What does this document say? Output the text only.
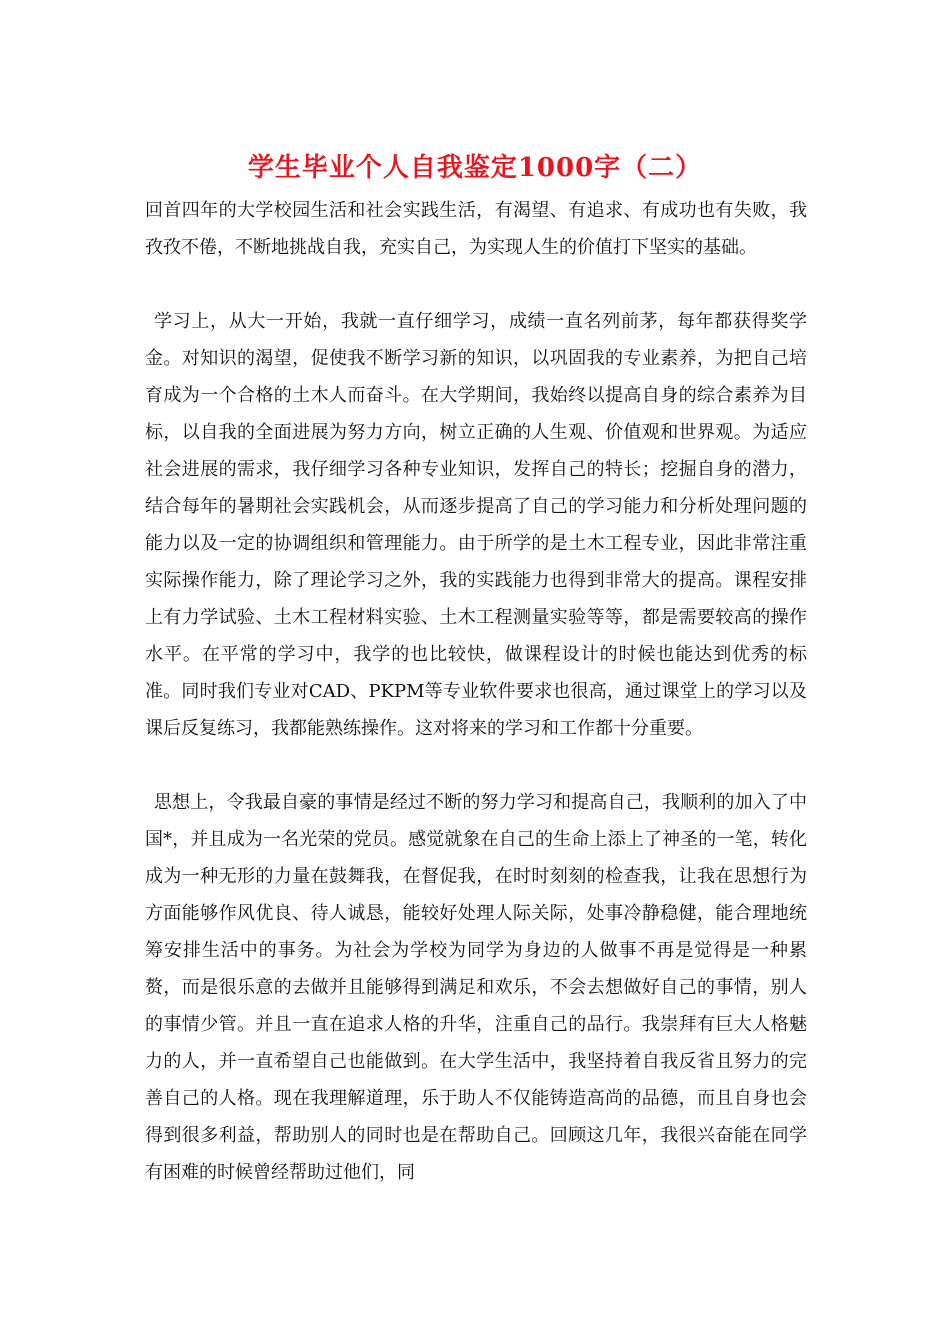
学生毕业个人自我鉴定1000字（二）

回首四年的大学校园生活和社会实践生活，有渴望、有追求、有成功也有失败，我孜孜不倦，不断地挑战自我，充实自己，为实现人生的价值打下坚实的基础。

学习上，从大一开始，我就一直仔细学习，成绩一直名列前茅，每年都获得奖学金。对知识的渴望，促使我不断学习新的知识，以巩固我的专业素养，为把自己培育成为一个合格的土木人而奋斗。在大学期间，我始终以提高自身的综合素养为目标，以自我的全面进展为努力方向，树立正确的人生观、价值观和世界观。为适应社会进展的需求，我仔细学习各种专业知识，发挥自己的特长；挖掘自身的潜力，结合每年的暑期社会实践机会，从而逐步提高了自己的学习能力和分析处理问题的能力以及一定的协调组织和管理能力。由于所学的是土木工程专业，因此非常注重实际操作能力，除了理论学习之外，我的实践能力也得到非常大的提高。课程安排上有力学试验、土木工程材料实验、土木工程测量实验等等，都是需要较高的操作水平。在平常的学习中，我学的也比较快，做课程设计的时候也能达到优秀的标准。同时我们专业对CAD、PKPM等专业软件要求也很高，通过课堂上的学习以及课后反复练习，我都能熟练操作。这对将来的学习和工作都十分重要。

思想上，令我最自豪的事情是经过不断的努力学习和提高自己，我顺利的加入了中国*，并且成为一名光荣的党员。感觉就象在自己的生命上添上了神圣的一笔，转化成为一种无形的力量在鼓舞我，在督促我，在时时刻刻的检查我，让我在思想行为方面能够作风优良、待人诚恳，能较好处理人际关际，处事冷静稳健，能合理地统筹安排生活中的事务。为社会为学校为同学为身边的人做事不再是觉得是一种累赘，而是很乐意的去做并且能够得到满足和欢乐，不会去想做好自己的事情，别人的事情少管。并且一直在追求人格的升华，注重自己的品行。我崇拜有巨大人格魅力的人，并一直希望自己也能做到。在大学生活中，我坚持着自我反省且努力的完善自己的人格。现在我理解道理，乐于助人不仅能铸造高尚的品德，而且自身也会得到很多利益，帮助别人的同时也是在帮助自己。回顾这几年，我很兴奋能在同学有困难的时候曾经帮助过他们，同
